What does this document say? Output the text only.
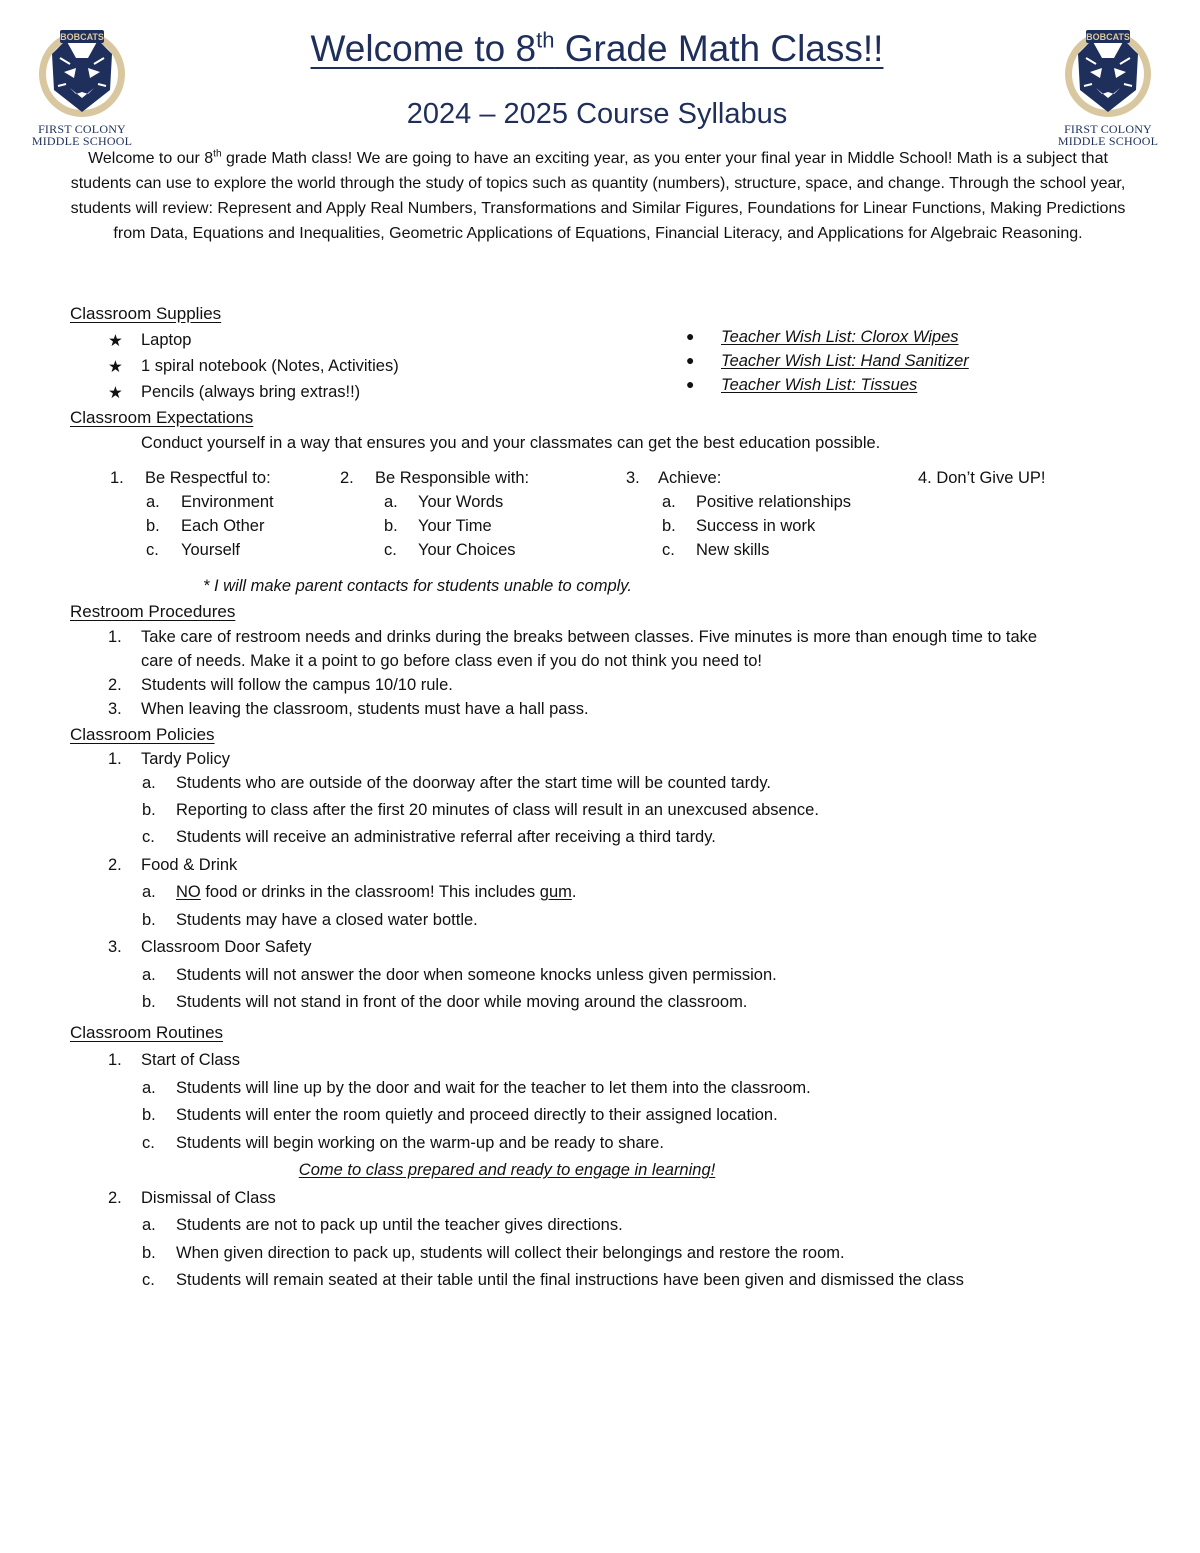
BOBCATS
FIRST COLONY
MIDDLE SCHOOL
BOBCATS
FIRST COLONY
MIDDLE SCHOOL
Welcome to 8th Grade Math Class!!
2024 – 2025 Course Syllabus
Welcome to our 8th grade Math class! We are going to have an exciting year, as you enter your final year in Middle School! Math is a subject that students can use to explore the world through the study of topics such as quantity (numbers), structure, space, and change. Through the school year, students will review: Represent and Apply Real Numbers, Transformations and Similar Figures, Foundations for Linear Functions, Making Predictions from Data, Equations and Inequalities, Geometric Applications of Equations, Financial Literacy, and Applications for Algebraic Reasoning.
Classroom Supplies
★ Laptop
★ 1 spiral notebook (Notes, Activities)
★ Pencils (always bring extras!!)
● Teacher Wish List: Clorox Wipes
● Teacher Wish List: Hand Sanitizer
● Teacher Wish List: Tissues
Classroom Expectations
Conduct yourself in a way that ensures you and your classmates can get the best education possible.
1. Be Respectful to:
a. Environment
b. Each Other
c. Yourself
2. Be Responsible with:
a. Your Words
b. Your Time
c. Your Choices
3. Achieve:
a. Positive relationships
b. Success in work
c. New skills
4. Don’t Give UP!
* I will make parent contacts for students unable to comply.
Restroom Procedures
1. Take care of restroom needs and drinks during the breaks between classes. Five minutes is more than enough time to take
care of needs. Make it a point to go before class even if you do not think you need to!
2. Students will follow the campus 10/10 rule.
3. When leaving the classroom, students must have a hall pass.
Classroom Policies
1. Tardy Policy
a. Students who are outside of the doorway after the start time will be counted tardy.
b. Reporting to class after the first 20 minutes of class will result in an unexcused absence.
c. Students will receive an administrative referral after receiving a third tardy.
2. Food & Drink
a. NO food or drinks in the classroom! This includes gum.
b. Students may have a closed water bottle.
3. Classroom Door Safety
a. Students will not answer the door when someone knocks unless given permission.
b. Students will not stand in front of the door while moving around the classroom.
Classroom Routines
1. Start of Class
a. Students will line up by the door and wait for the teacher to let them into the classroom.
b. Students will enter the room quietly and proceed directly to their assigned location.
c. Students will begin working on the warm-up and be ready to share.
Come to class prepared and ready to engage in learning!
2. Dismissal of Class
a. Students are not to pack up until the teacher gives directions.
b. When given direction to pack up, students will collect their belongings and restore the room.
c. Students will remain seated at their table until the final instructions have been given and dismissed the class
